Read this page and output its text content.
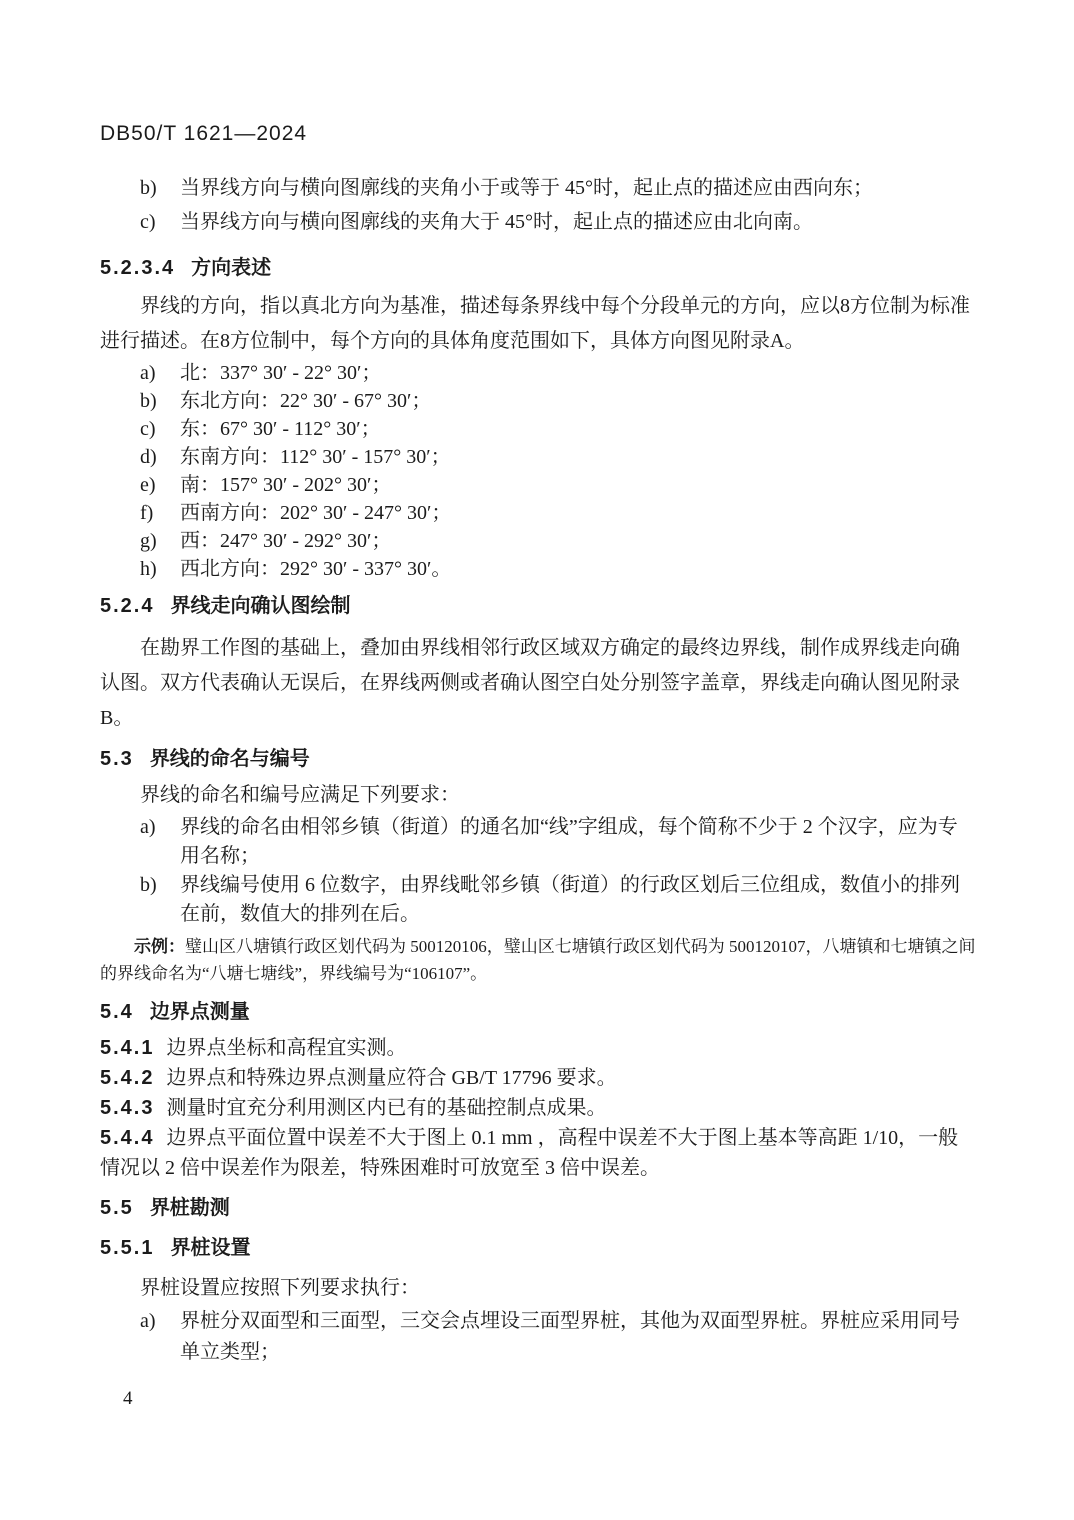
DB50/T 1621—2024
b)	当界线方向与横向图廓线的夹角小于或等于 45°时，起止点的描述应由西向东；
c)	当界线方向与横向图廓线的夹角大于 45°时，起止点的描述应由北向南。
5.2.3.4 方向表述

界线的方向，指以真北方向为基准，描述每条界线中每个分段单元的方向，应以8方位制为标准进行描述。在8方位制中，每个方向的具体角度范围如下，具体方向图见附录A。

a)	北：337° 30′ - 22° 30′；
b)	东北方向：22° 30′ - 67° 30′；
c)	东：67° 30′ - 112° 30′；
d)	东南方向：112° 30′ - 157° 30′；
e)	南：157° 30′ - 202° 30′；
f)	西南方向：202° 30′ - 247° 30′；
g)	西：247° 30′ - 292° 30′；
h)	西北方向：292° 30′ - 337° 30′。
5.2.4 界线走向确认图绘制

在勘界工作图的基础上，叠加由界线相邻行政区域双方确定的最终边界线，制作成界线走向确认图。双方代表确认无误后，在界线两侧或者确认图空白处分别签字盖章，界线走向确认图见附录B。

5.3 界线的命名与编号

界线的命名和编号应满足下列要求：

a)	界线的命名由相邻乡镇（街道）的通名加“线”字组成，每个简称不少于 2 个汉字，应为专用名称；
b)	界线编号使用 6 位数字，由界线毗邻乡镇（街道）的行政区划后三位组成，数值小的排列在前，数值大的排列在后。

示例：璧山区八塘镇行政区划代码为 500120106，璧山区七塘镇行政区划代码为 500120107，八塘镇和七塘镇之间的界线命名为“八塘七塘线”，界线编号为“106107”。

5.4 边界点测量

5.4.1 边界点坐标和高程宜实测。

5.4.2 边界点和特殊边界点测量应符合 GB/T 17796 要求。

5.4.3 测量时宜充分利用测区内已有的基础控制点成果。

5.4.4 边界点平面位置中误差不大于图上 0.1 mm ，高程中误差不大于图上基本等高距 1/10，一般情况以 2 倍中误差作为限差，特殊困难时可放宽至 3 倍中误差。

5.5 界桩勘测
5.5.1 界桩设置

界桩设置应按照下列要求执行：

a)	界桩分双面型和三面型，三交会点埋设三面型界桩，其他为双面型界桩。界桩应采用同号单立类型；
4
